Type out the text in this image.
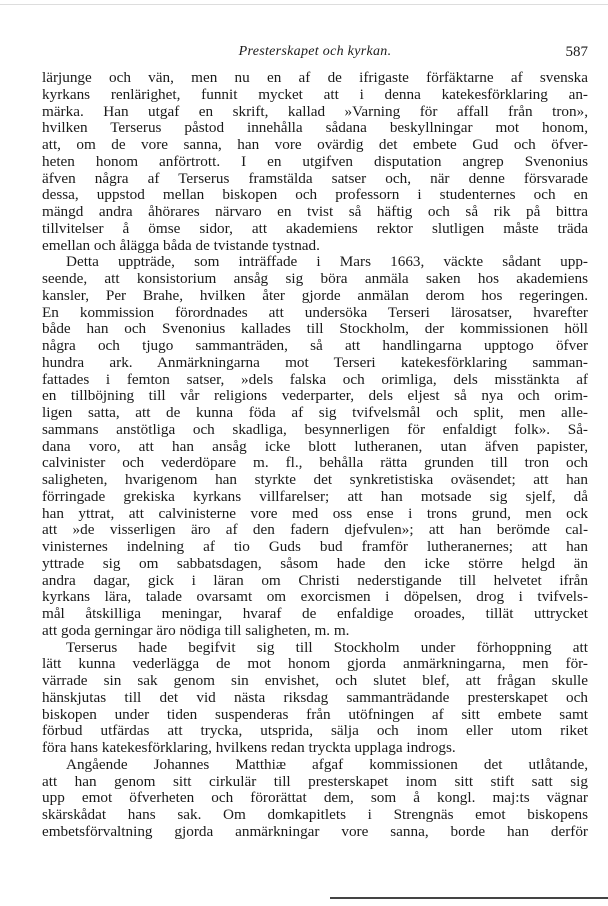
Presterskapet och kyrkan.	587
lärjunge och vän, men nu en af de ifrigaste förfäktarne af svenska
kyrkans renlärighet, funnit mycket att i denna katekesförklaring an-
märka. Han utgaf en skrift, kallad »Varning för affall från tron»,
hvilken Terserus påstod innehålla sådana beskyllningar mot honom,
att, om de vore sanna, han vore ovärdig det embete Gud och öfver-
heten honom anförtrott. I en utgifven disputation angrep Svenonius
äfven några af Terserus framstälda satser och, när denne försvarade
dessa, uppstod mellan biskopen och professorn i studenternes och en
mängd andra åhörares närvaro en tvist så häftig och så rik på bittra
tillvitelser å ömse sidor, att akademiens rektor slutligen måste träda
emellan och ålägga båda de tvistande tystnad.
Detta uppträde, som inträffade i Mars 1663, väckte sådant upp-
seende, att konsistorium ansåg sig böra anmäla saken hos akademiens
kansler, Per Brahe, hvilken åter gjorde anmälan derom hos regeringen.
En kommission förordnades att undersöka Terseri lärosatser, hvarefter
både han och Svenonius kallades till Stockholm, der kommissionen höll
några och tjugo sammanträden, så att handlingarna upptogo öfver
hundra ark. Anmärkningarna mot Terseri katekesförklaring samman-
fattades i femton satser, »dels falska och orimliga, dels misstänkta af
en tillböjning till vår religions vederparter, dels eljest så nya och orim-
ligen satta, att de kunna föda af sig tvifvelsmål och split, men alle-
sammans anstötliga och skadliga, besynnerligen för enfaldigt folk». Så-
dana voro, att han ansåg icke blott lutheranen, utan äfven papister,
calvinister och vederdöpare m. fl., behålla rätta grunden till tron och
saligheten, hvarigenom han styrkte det synkretistiska oväsendet; att han
förringade grekiska kyrkans villfarelser; att han motsade sig sjelf, då
han yttrat, att calvinisterne vore med oss ense i trons grund, men ock
att »de visserligen äro af den fadern djefvulen»; att han berömde cal-
vinisternes indelning af tio Guds bud framför lutheranernes; att han
yttrade sig om sabbatsdagen, såsom hade den icke större helgd än
andra dagar, gick i läran om Christi nederstigande till helvetet ifrån
kyrkans lära, talade ovarsamt om exorcismen i döpelsen, drog i tvifvels-
mål åtskilliga meningar, hvaraf de enfaldige oroades, tillät uttrycket
att goda gerningar äro nödiga till saligheten, m. m.
Terserus hade begifvit sig till Stockholm under förhoppning att
lätt kunna vederlägga de mot honom gjorda anmärkningarna, men för-
värrade sin sak genom sin envishet, och slutet blef, att frågan skulle
hänskjutas till det vid nästa riksdag sammanträdande presterskapet och
biskopen under tiden suspenderas från utöfningen af sitt embete samt
förbud utfärdas att trycka, utsprida, sälja och inom eller utom riket
föra hans katekesförklaring, hvilkens redan tryckta upplaga indrogs.
Angående Johannes Matthiæ afgaf kommissionen det utlåtande,
att han genom sitt cirkulär till presterskapet inom sitt stift satt sig
upp emot öfverheten och förorättat dem, som å kongl. maj:ts vägnar
skärskådat hans sak. Om domkapitlets i Strengnäs emot biskopens
embetsförvaltning gjorda anmärkningar vore sanna, borde han derför
